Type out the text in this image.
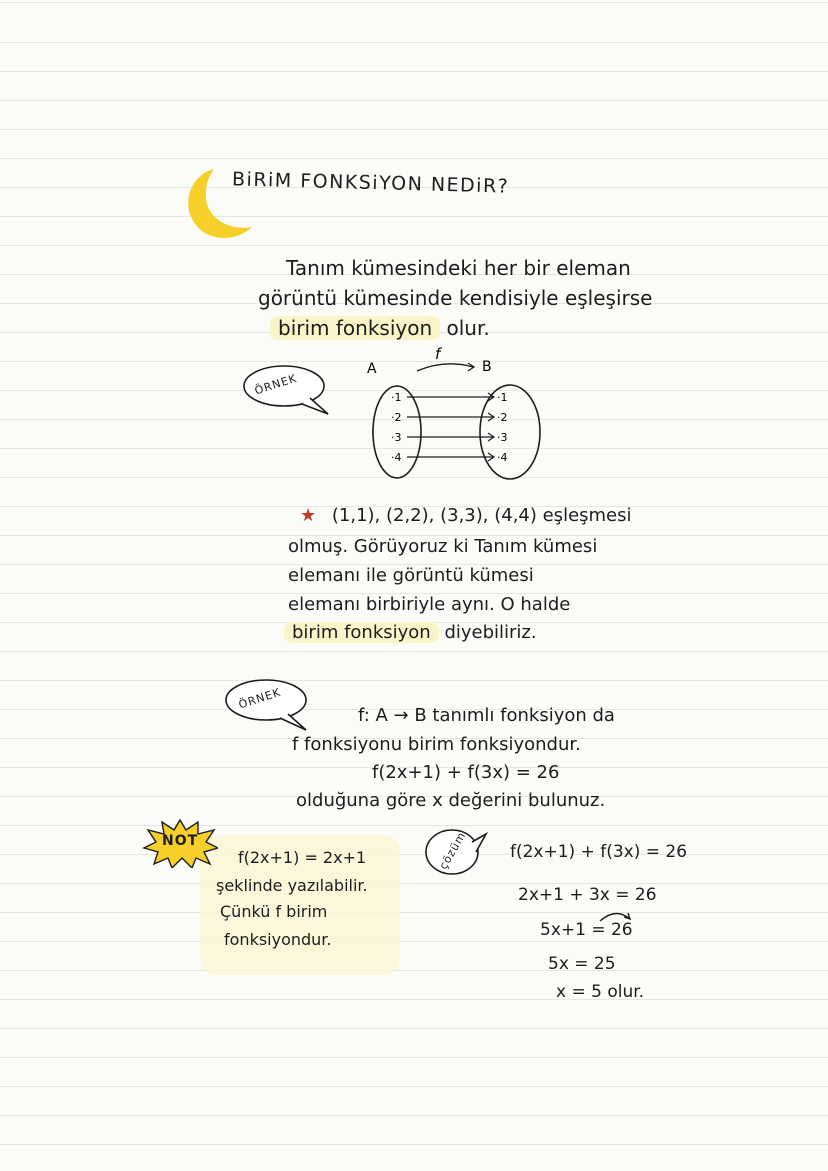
BiRiM FONKSiYON NEDiR?
Tanım kümesindeki her bir eleman
görüntü kümesinde kendisiyle eşleşirse
birim fonksiyon olur.
ÖRNEK
A	B
f
·1
·2
·3
·4
·1
·2
·3
·4
★ (1,1), (2,2), (3,3), (4,4) eşleşmesi
olmuş. Görüyoruz ki Tanım kümesi
elemanı ile görüntü kümesi
elemanı birbiriyle aynı. O halde
birim fonksiyon diyebiliriz.
ÖRNEK
f: A → B tanımlı fonksiyon da
f fonksiyonu birim fonksiyondur.
f(2x+1) + f(3x) = 26
olduğuna göre x değerini bulunuz.
NOT
f(2x+1) = 2x+1
şeklinde yazılabilir.
Çünkü f birim
fonksiyondur.
çözüm f(2x+1) + f(3x) = 26
2x+1 + 3x = 26
5x+1 = 26
5x = 25
x = 5 olur.
